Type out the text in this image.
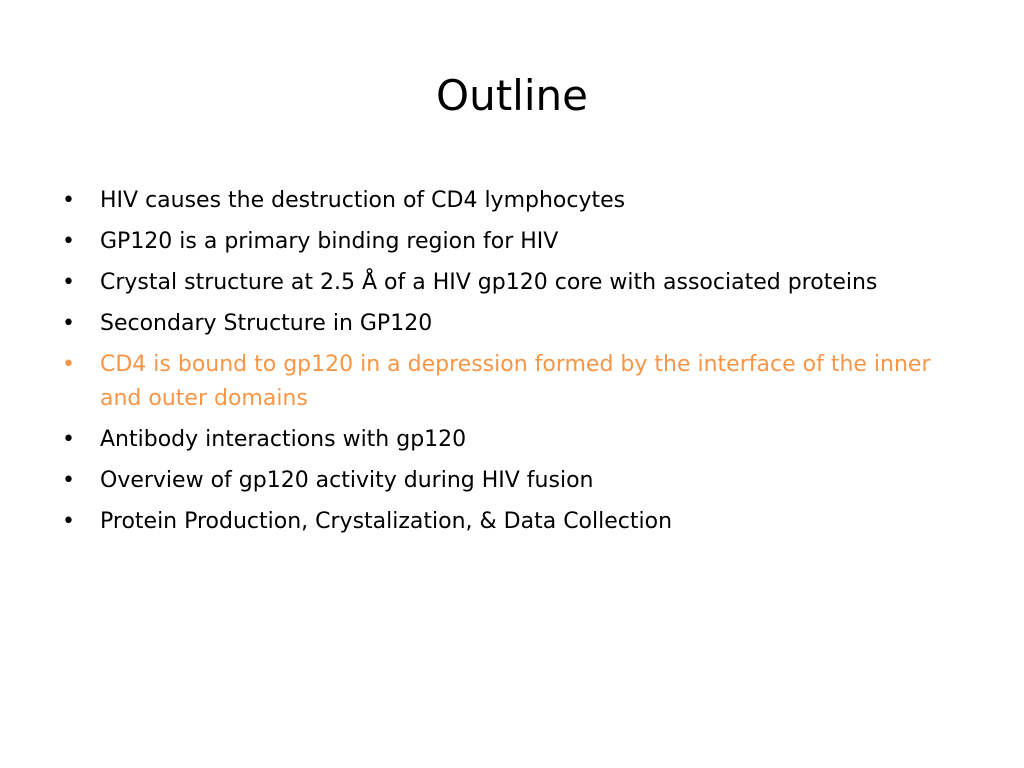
Outline
•	HIV causes the destruction of CD4 lymphocytes
•	GP120 is a primary binding region for HIV
•	Crystal structure at 2.5 Å of a HIV gp120 core with associated proteins
•	Secondary Structure in GP120
•	CD4 is bound to gp120 in a depression formed by the interface of the inner and outer domains
•	Antibody interactions with gp120
•	Overview of gp120 activity during HIV fusion
•	Protein Production, Crystalization, & Data Collection
